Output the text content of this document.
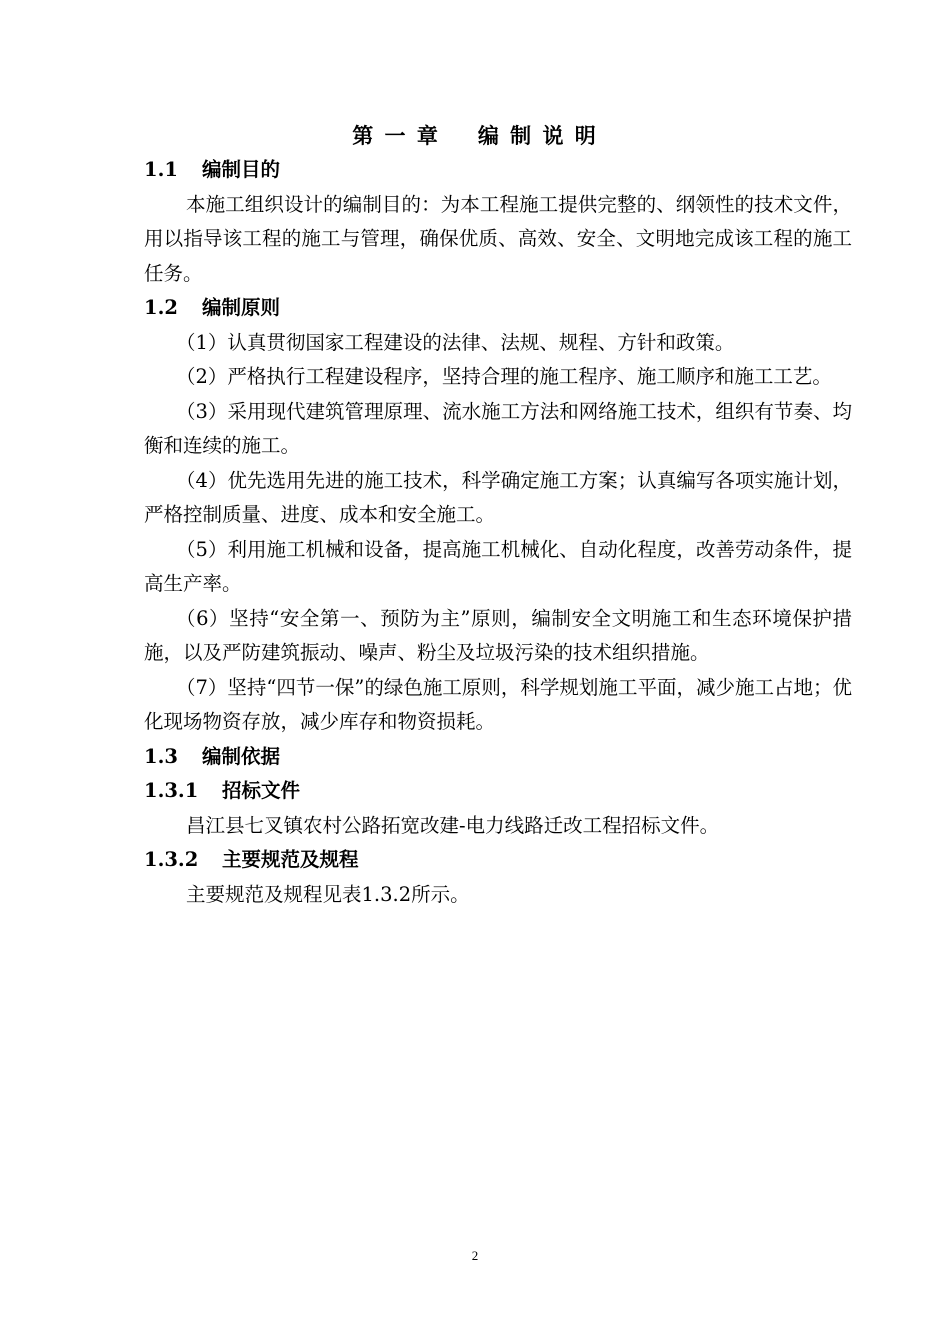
第 一 章 编 制 说 明
1.1 编制目的

本施工组织设计的编制目的：为本工程施工提供完整的、纲领性的技术文件，用以指导该工程的施工与管理，确保优质、高效、安全、文明地完成该工程的施工任务。

1.2 编制原则

（1）认真贯彻国家工程建设的法律、法规、规程、方针和政策。

（2）严格执行工程建设程序，坚持合理的施工程序、施工顺序和施工工艺。

（3）采用现代建筑管理原理、流水施工方法和网络施工技术，组织有节奏、均衡和连续的施工。

（4）优先选用先进的施工技术，科学确定施工方案；认真编写各项实施计划，严格控制质量、进度、成本和安全施工。

（5）利用施工机械和设备，提高施工机械化、自动化程度，改善劳动条件，提高生产率。

（6）坚持“安全第一、预防为主”原则，编制安全文明施工和生态环境保护措施，以及严防建筑振动、噪声、粉尘及垃圾污染的技术组织措施。

（7）坚持“四节一保”的绿色施工原则，科学规划施工平面，减少施工占地；优化现场物资存放，减少库存和物资损耗。

1.3 编制依据
1.3.1 招标文件

昌江县七叉镇农村公路拓宽改建-电力线路迁改工程招标文件。

1.3.2 主要规范及规程

主要规范及规程见表1.3.2所示。

2
